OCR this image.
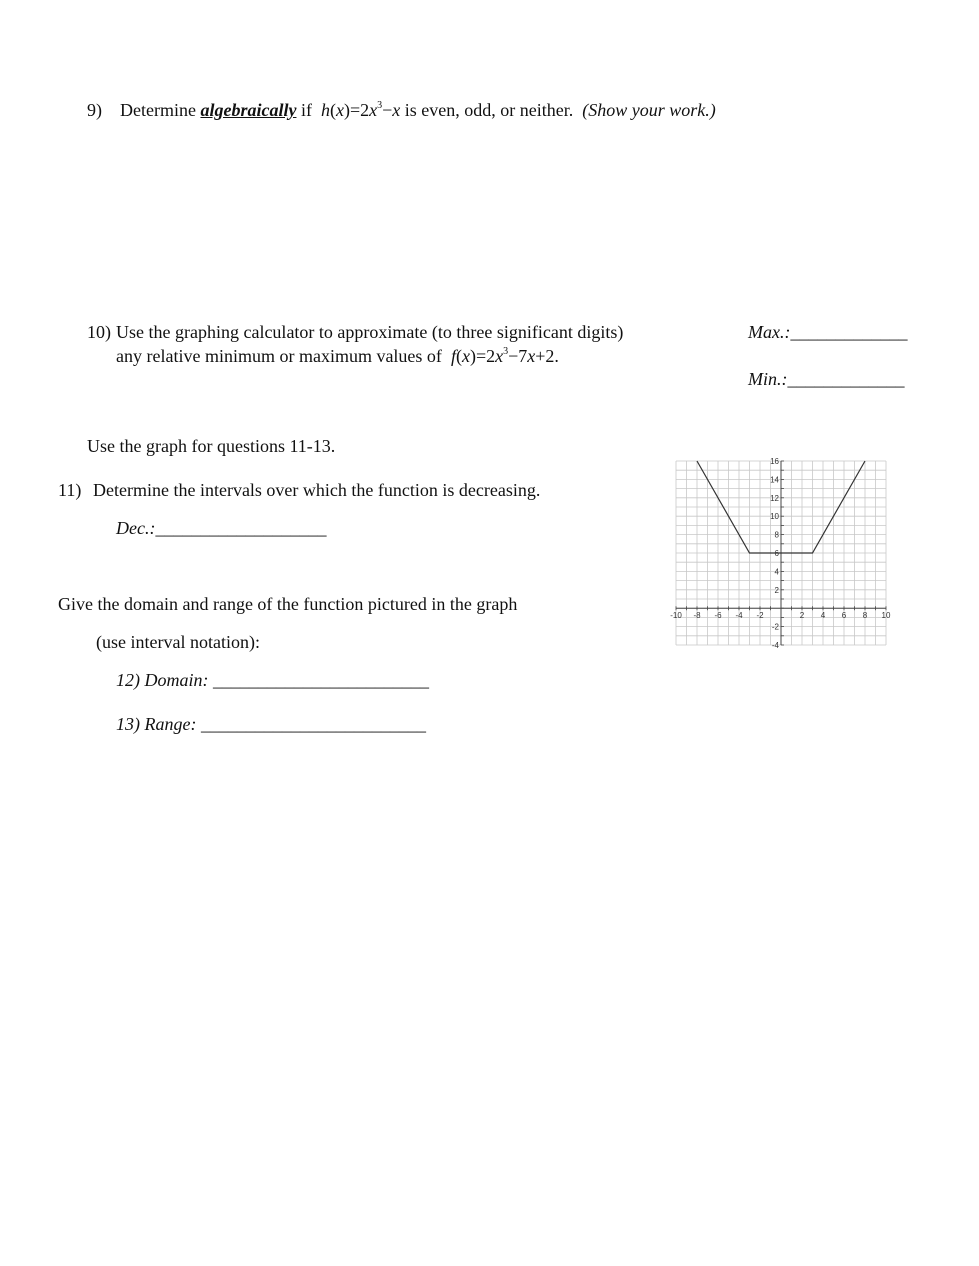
9) Determine algebraically if $h(x)=2x^3-x$ is even, odd, or neither. (Show your work.)
10) Use the graphing calculator to approximate (to three significant digits)
any relative minimum or maximum values of $f(x)=2x^3-7x+2$.
Max.:_____________
Min.:_____________
Use the graph for questions 11-13.
11) Determine the intervals over which the function is decreasing.
Dec.:___________________
Give the domain and range of the function pictured in the graph
(use interval notation):
12) Domain: ________________________
13) Range: _________________________
-10 -8 -6 -4 -2	2 4 6 8 10
16
14
12
10
8
6
4
2
-2
-4
